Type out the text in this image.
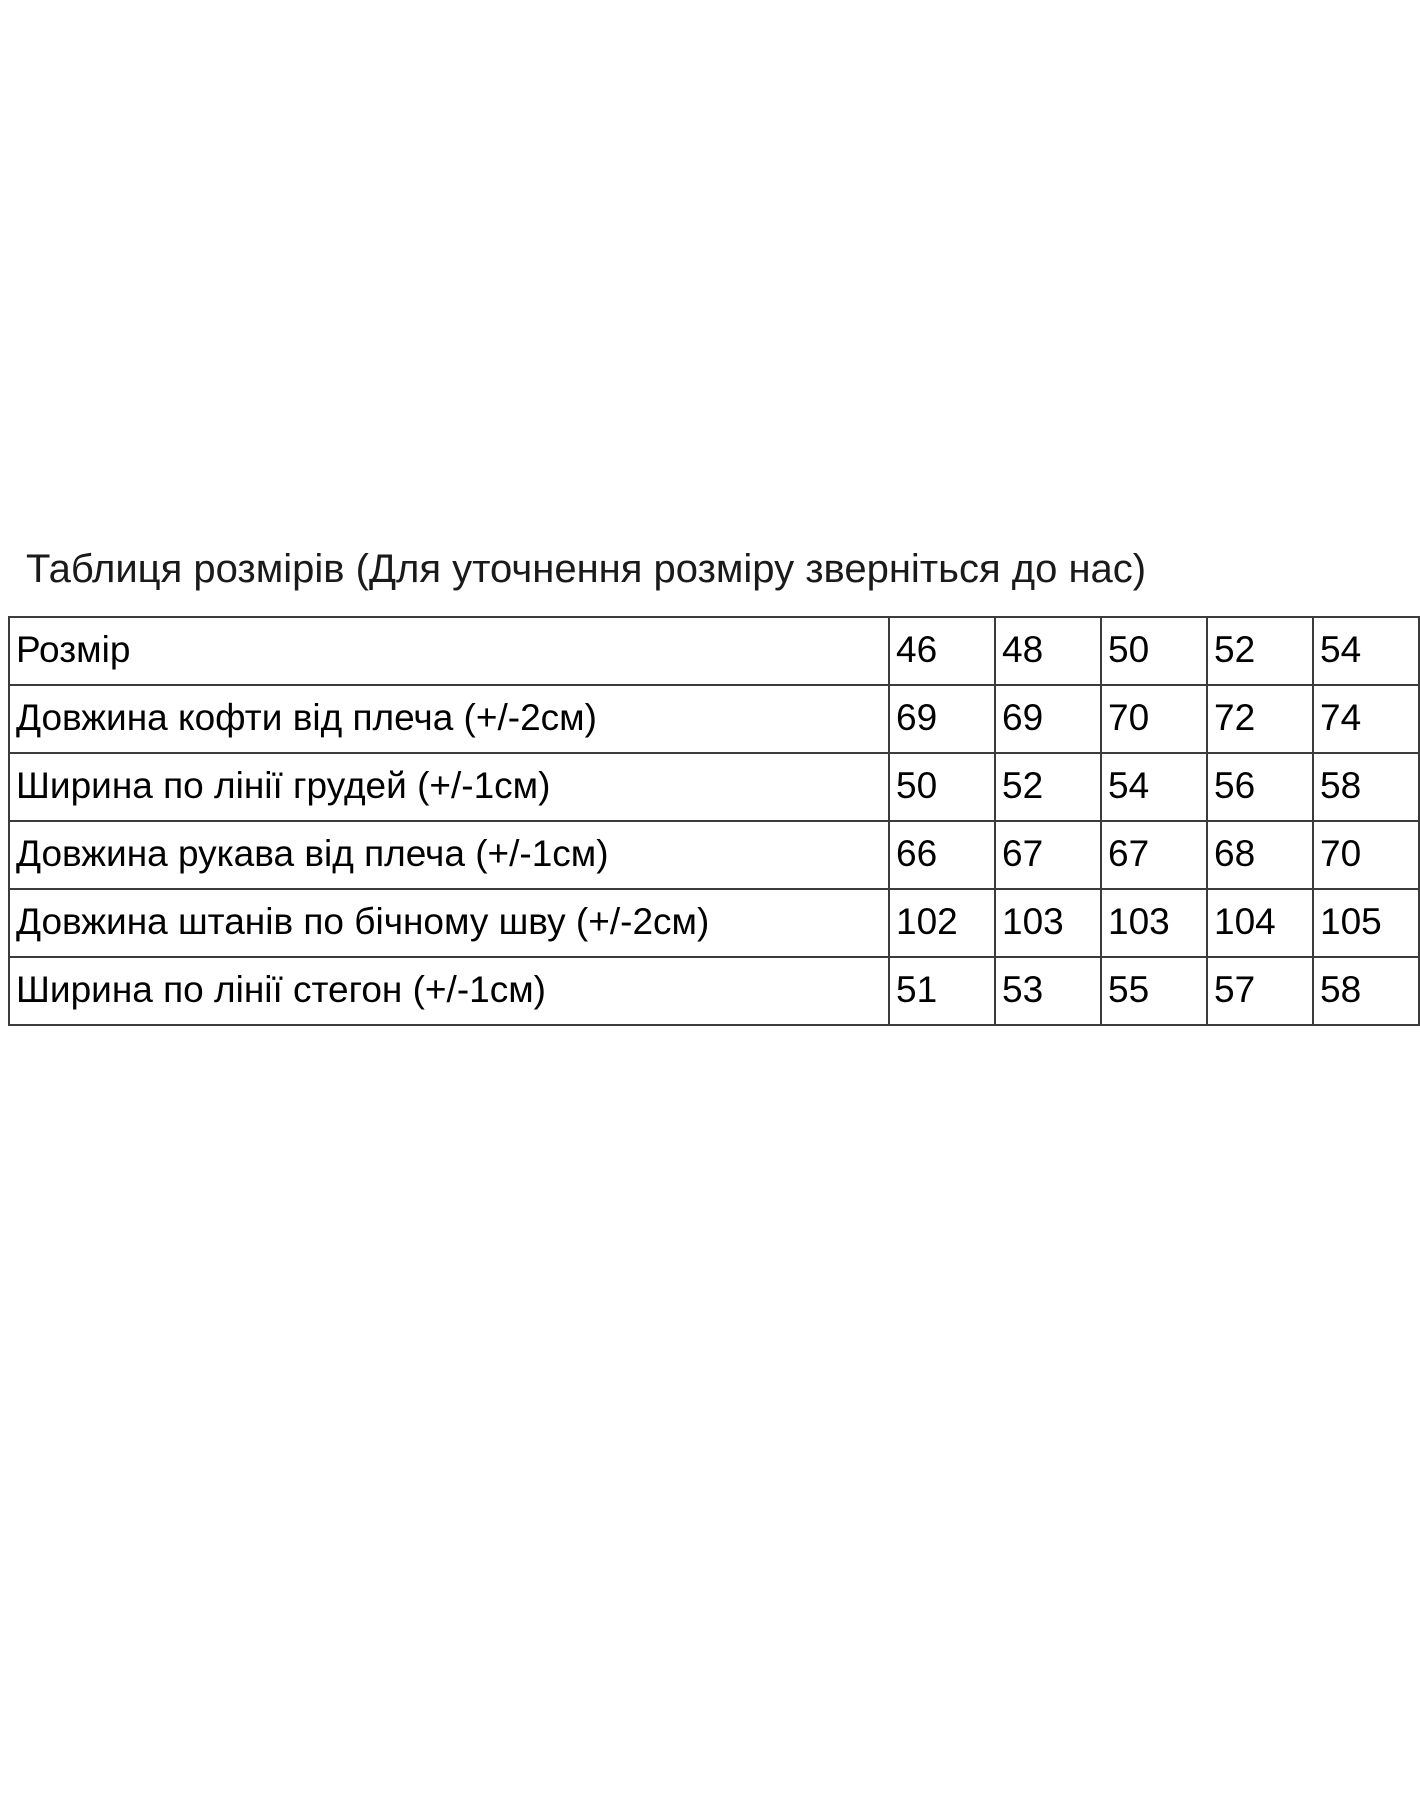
Таблиця розмірів (Для уточнення розміру зверніться до нас)
Розмір	46	48	50	52	54
Довжина кофти від плеча (+/-2см)	69	69	70	72	74
Ширина по лінії грудей (+/-1см)	50	52	54	56	58
Довжина рукава від плеча (+/-1см)	66	67	67	68	70
Довжина штанів по бічному шву (+/-2см)	102	103	103	104	105
Ширина по лінії стегон (+/-1см)	51	53	55	57	58
